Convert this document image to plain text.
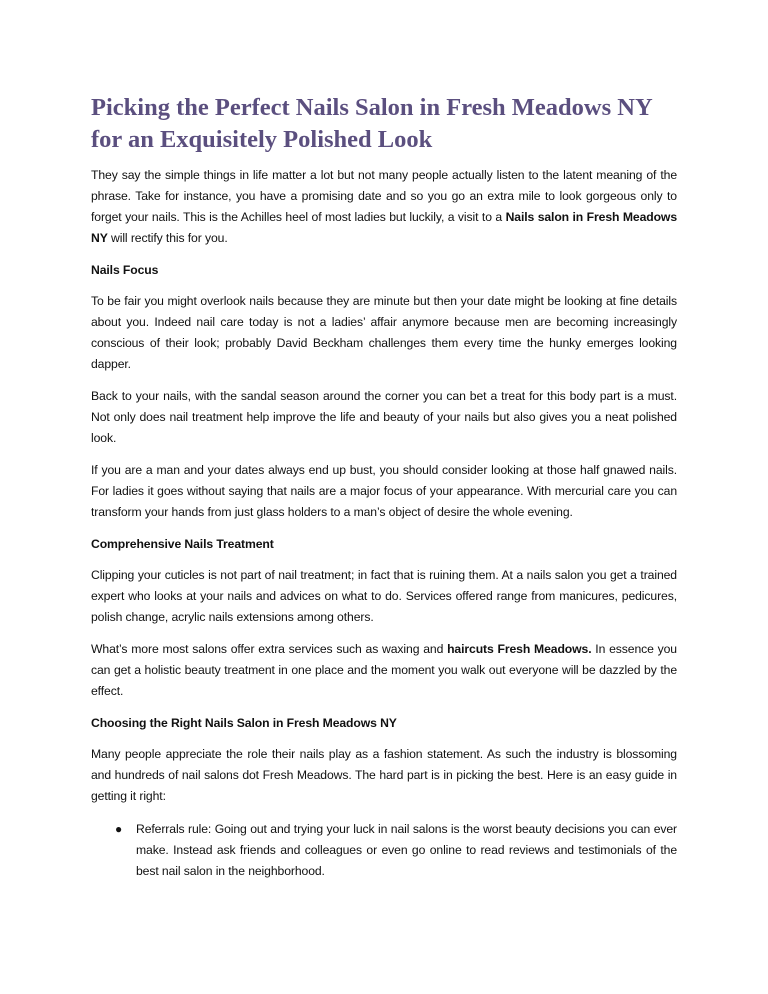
Picking the Perfect Nails Salon in Fresh Meadows NY for an Exquisitely Polished Look

They say the simple things in life matter a lot but not many people actually listen to the latent meaning of the phrase. Take for instance, you have a promising date and so you go an extra mile to look gorgeous only to forget your nails. This is the Achilles heel of most ladies but luckily, a visit to a Nails salon in Fresh Meadows NY will rectify this for you.

Nails Focus

To be fair you might overlook nails because they are minute but then your date might be looking at fine details about you. Indeed nail care today is not a ladies’ affair anymore because men are becoming increasingly conscious of their look; probably David Beckham challenges them every time the hunky emerges looking dapper.

Back to your nails, with the sandal season around the corner you can bet a treat for this body part is a must. Not only does nail treatment help improve the life and beauty of your nails but also gives you a neat polished look.

If you are a man and your dates always end up bust, you should consider looking at those half gnawed nails. For ladies it goes without saying that nails are a major focus of your appearance. With mercurial care you can transform your hands from just glass holders to a man’s object of desire the whole evening.

Comprehensive Nails Treatment

Clipping your cuticles is not part of nail treatment; in fact that is ruining them. At a nails salon you get a trained expert who looks at your nails and advices on what to do. Services offered range from manicures, pedicures, polish change, acrylic nails extensions among others.

What’s more most salons offer extra services such as waxing and haircuts Fresh Meadows. In essence you can get a holistic beauty treatment in one place and the moment you walk out everyone will be dazzled by the effect.

Choosing the Right Nails Salon in Fresh Meadows NY

Many people appreciate the role their nails play as a fashion statement. As such the industry is blossoming and hundreds of nail salons dot Fresh Meadows. The hard part is in picking the best. Here is an easy guide in getting it right:

● Referrals rule: Going out and trying your luck in nail salons is the worst beauty decisions you can ever make. Instead ask friends and colleagues or even go online to read reviews and testimonials of the best nail salon in the neighborhood.
